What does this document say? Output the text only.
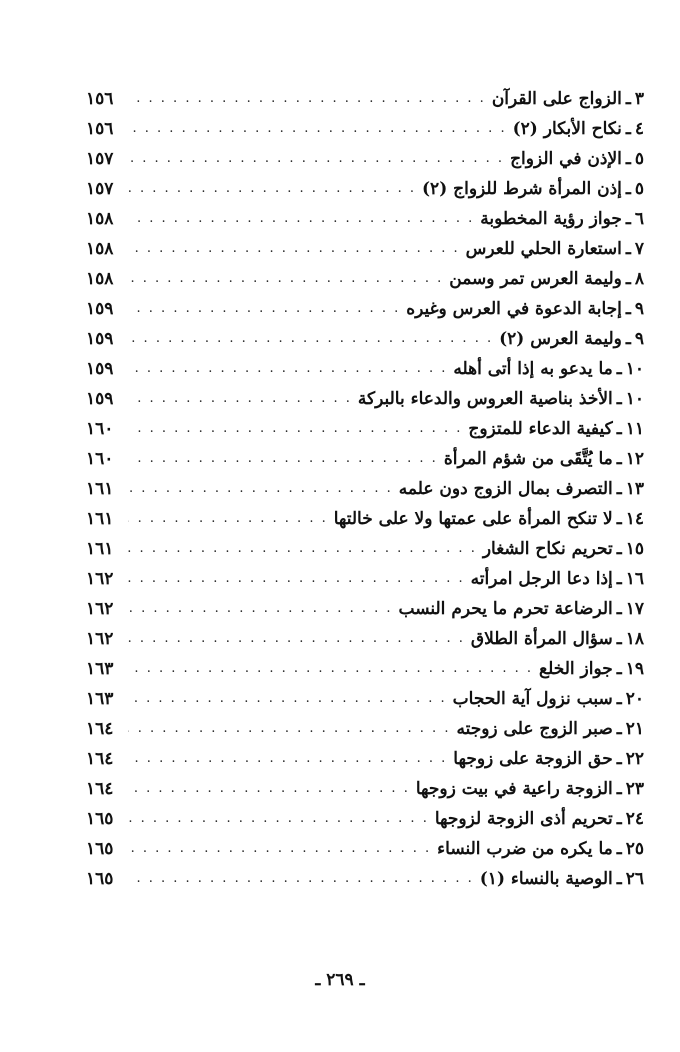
٣
ـ
الزواج على القرآن
. . .
١٥٦
٤
ـ
نكاح الأبكار (٢)
. . .
١٥٦
٥
ـ
الإذن في الزواج
. . .
١٥٧
٥
ـ
إذن المرأة شرط للزواج (٢)
. . .
١٥٧
٦
ـ
جواز رؤية المخطوبة
. . .
١٥٨
٧
ـ
استعارة الحلي للعرس
. . .
١٥٨
٨
ـ
وليمة العرس تمر وسمن
. . .
١٥٨
٩
ـ
إجابة الدعوة في العرس وغيره
. . .
١٥٩
٩
ـ
وليمة العرس (٢)
. . .
١٥٩
١٠
ـ
ما يدعو به إذا أتى أهله
. . .
١٥٩
١٠
ـ
الأخذ بناصية العروس والدعاء بالبركة
. . .
١٥٩
١١
ـ
كيفية الدعاء للمتزوج
. . .
١٦٠
١٢
ـ
ما يُتَّقَى من شؤم المرأة
. . .
١٦٠
١٣
ـ
التصرف بمال الزوج دون علمه
. . .
١٦١
١٤
ـ
لا تنكح المرأة على عمتها ولا على خالتها
. . .
١٦١
١٥
ـ
تحريم نكاح الشغار
. . .
١٦١
١٦
ـ
إذا دعا الرجل امرأته
. . .
١٦٢
١٧
ـ
الرضاعة تحرم ما يحرم النسب
. . .
١٦٢
١٨
ـ
سؤال المرأة الطلاق
. . .
١٦٢
١٩
ـ
جواز الخلع
. . .
١٦٣
٢٠
ـ
سبب نزول آية الحجاب
. . .
١٦٣
٢١
ـ
صبر الزوج على زوجته
. . .
١٦٤
٢٢
ـ
حق الزوجة على زوجها
. . .
١٦٤
٢٣
ـ
الزوجة راعية في بيت زوجها
. . .
١٦٤
٢٤
ـ
تحريم أذى الزوجة لزوجها
. . .
١٦٥
٢٥
ـ
ما يكره من ضرب النساء
. . .
١٦٥
٢٦
ـ
الوصية بالنساء (١)
. . .
١٦٥
ـ ٢٦٩ ـ
